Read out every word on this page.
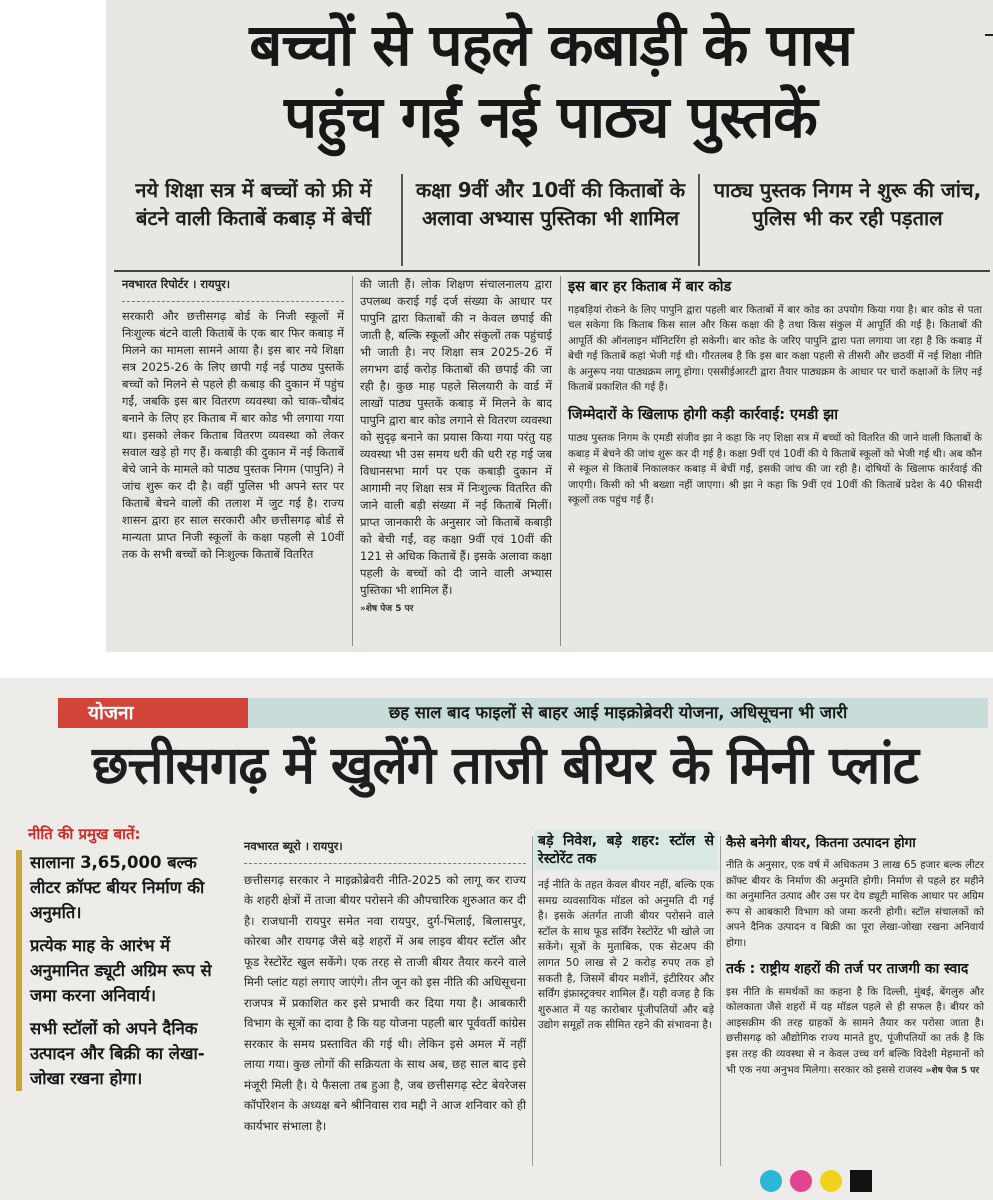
बच्चों से पहले कबाड़ी के पास
पहुंच गईं नई पाठ्य पुस्तकें
नये शिक्षा सत्र में बच्चों को फ्री में बंटने वाली किताबें कबाड़ में बेचीं
कक्षा 9वीं और 10वीं की किताबों के अलावा अभ्यास पुस्तिका भी शामिल
पाठ्य पुस्तक निगम ने शुरू की जांच, पुलिस भी कर रही पड़ताल
नवभारत रिपोर्टर । रायपुर।

सरकारी और छत्तीसगढ़ बोर्ड के निजी स्कूलों में निःशुल्क बंटने वाली किताबें के एक बार फिर कबाड़ में मिलने का मामला सामने आया है। इस बार नये शिक्षा सत्र 2025-26 के लिए छापी गई नई पाठ्य पुस्तकें बच्चों को मिलने से पहले ही कबाड़ की दुकान में पहुंच गईं, जबकि इस बार वितरण व्यवस्था को चाक-चौबंद बनाने के लिए हर किताब में बार कोड भी लगाया गया था। इसको लेकर किताब वितरण व्यवस्था को लेकर सवाल खड़े हो गए हैं। कबाड़ी की दुकान में नई किताबें बेचे जाने के मामले को पाठ्य पुस्तक निगम (पापुनि) ने जांच शुरू कर दी है। वहीं पुलिस भी अपने स्तर पर किताबें बेचने वालों की तलाश में जुट गई है। राज्य शासन द्वारा हर साल सरकारी और छत्तीसगढ़ बोर्ड से मान्यता प्राप्त निजी स्कूलों के कक्षा पहली से 10वीं तक के सभी बच्चों को निःशुल्क किताबें वितरित

की जाती हैं। लोक शिक्षण संचालनालय द्वारा उपलब्ध कराई गई दर्ज संख्या के आधार पर पापुनि द्वारा किताबों की न केवल छपाई की जाती है, बल्कि स्कूलों और संकुलों तक पहुंचाई भी जाती है। नए शिक्षा सत्र 2025-26 में लगभग ढाई करोड़ किताबों की छपाई की जा रही है। कुछ माह पहले सिलयारी के वार्ड में लाखों पाठ्य पुस्तकें कबाड़ में मिलने के बाद पापुनि द्वारा बार कोड लगाने से वितरण व्यवस्था को सुदृढ़ बनाने का प्रयास किया गया परंतु यह व्यवस्था भी उस समय धरी की धरी रह गई जब विधानसभा मार्ग पर एक कबाड़ी दुकान में आगामी नए शिक्षा सत्र में निःशुल्क वितरित की जाने वाली बड़ी संख्या में नई किताबें मिलीं। प्राप्त जानकारी के अनुसार जो किताबें कबाड़ी को बेची गईं, वह कक्षा 9वीं एवं 10वीं की 121 से अधिक किताबें हैं। इसके अलावा कक्षा पहली के बच्चों को दी जाने वाली अभ्यास पुस्तिका भी शामिल हैं।

»शेष पेज 5 पर
इस बार हर किताब में बार कोड

गड़बड़ियां रोकने के लिए पापुनि द्वारा पहली बार किताबों में बार कोड का उपयोग किया गया है। बार कोड से पता चल सकेगा कि किताब किस साल और किस कक्षा की है तथा किस संकुल में आपूर्ति की गई है। किताबों की आपूर्ति की ऑनलाइन मॉनिटरिंग हो सकेगी। बार कोड के जरिए पापुनि द्वारा पता लगाया जा रहा है कि कबाड़ में बेची गई किताबें कहां भेजी गई थी। गौरतलब है कि इस बार कक्षा पहली से तीसरी और छठवीं में नई शिक्षा नीति के अनुरूप नया पाठ्यक्रम लागू होगा। एससीईआरटी द्वारा तैयार पाठ्यक्रम के आधार पर चारों कक्षाओं के लिए नई किताबें प्रकाशित की गई हैं।

जिम्मेदारों के खिलाफ होगी कड़ी कार्रवाई: एमडी झा

पाठ्य पुस्तक निगम के एमडी संजीव झा ने कहा कि नए शिक्षा सत्र में बच्चों को वितरित की जाने वाली किताबों के कबाड़ में बेचने की जांच शुरू कर दी गई है। कक्षा 9वीं एवं 10वीं की ये किताबें स्कूलों को भेजी गई थी। अब कौन से स्कूल से किताबें निकालकर कबाड़ में बेचीं गईं, इसकी जांच की जा रही है। दोषियों के खिलाफ कार्रवाई की जाएगी। किसी को भी बख्शा नहीं जाएगा। श्री झा ने कहा कि 9वीं एवं 10वीं की किताबें प्रदेश के 40 फीसदी स्कूलों तक पहुंच गई हैं।

योजना	छह साल बाद फाइलों से बाहर आई माइक्रोब्रेवरी योजना, अधिसूचना भी जारी
छत्तीसगढ़ में खुलेंगे ताजी बीयर के मिनी प्लांट
नीति की प्रमुख बातें:

सालाना 3,65,000 बल्क लीटर क्रॉफ्ट बीयर निर्माण की अनुमति।

प्रत्येक माह के आरंभ में अनुमानित ड्यूटी अग्रिम रूप से जमा करना अनिवार्य।

सभी स्टॉलों को अपने दैनिक उत्पादन और बिक्री का लेखा-जोखा रखना होगा।

नवभारत ब्यूरो । रायपुर।

छत्तीसगढ़ सरकार ने माइक्रोब्रेवरी नीति-2025 को लागू कर राज्य के शहरी क्षेत्रों में ताजा बीयर परोसने की औपचारिक शुरुआत कर दी है। राजधानी रायपुर समेत नवा रायपुर, दुर्ग-भिलाई, बिलासपुर, कोरबा और रायगढ़ जैसे बड़े शहरों में अब लाइव बीयर स्टॉल और फूड रेस्टोरेंट खुल सकेंगे। एक तरह से ताजी बीयर तैयार करने वाले मिनी प्लांट यहां लगाए जाएंगे। तीन जून को इस नीति की अधिसूचना राजपत्र में प्रकाशित कर इसे प्रभावी कर दिया गया है। आबकारी विभाग के सूत्रों का दावा है कि यह योजना पहली बार पूर्ववर्ती कांग्रेस सरकार के समय प्रस्तावित की गई थी। लेकिन इसे अमल में नहीं लाया गया। कुछ लोगों की सक्रियता के साथ अब, छह साल बाद इसे मंजूरी मिली है। ये फैसला तब हुआ है, जब छत्तीसगढ़ स्टेट बेवरेजस कॉर्पोरेशन के अध्यक्ष बने श्रीनिवास राव मद्दी ने आज शनिवार को ही कार्यभार संभाला है।

बड़े निवेश, बड़े शहर: स्टॉल से रेस्टोरेंट तक

नई नीति के तहत केवल बीयर नहीं, बल्कि एक समग्र व्यवसायिक मॉडल को अनुमति दी गई है। इसके अंतर्गत ताजी बीयर परोसने वाले स्टॉल के साथ फूड सर्विंग रेस्टोरेंट भी खोले जा सकेंगे। सूत्रों के मुताबिक, एक सेटअप की लागत 50 लाख से 2 करोड़ रुपए तक हो सकती है, जिसमें बीयर मशीनें, इंटीरियर और सर्विंग इंफ्रास्ट्रक्चर शामिल हैं। यही वजह है कि शुरुआत में यह कारोबार पूंजीपतियों और बड़े उद्योग समूहों तक सीमित रहने की संभावना है।

कैसे बनेगी बीयर, कितना उत्पादन होगा

नीति के अनुसार, एक वर्ष में अधिकतम 3 लाख 65 हजार बल्क लीटर क्रॉफ्ट बीयर के निर्माण की अनुमति होगी। निर्माण से पहले हर महीने का अनुमानित उत्पाद और उस पर देय ड्यूटी मासिक आधार पर अग्रिम रूप से आबकारी विभाग को जमा करनी होगी। स्टॉल संचालकों को अपने दैनिक उत्पादन व बिक्री का पूरा लेखा-जोखा रखना अनिवार्य होगा।

तर्क : राष्ट्रीय शहरों की तर्ज पर ताजगी का स्वाद

इस नीति के समर्थकों का कहना है कि दिल्ली, मुंबई, बेंगलुरु और कोलकाता जैसे शहरों में यह मॉडल पहले से ही सफल है। बीयर को आइसक्रीम की तरह ग्राहकों के सामने तैयार कर परोसा जाता है। छत्तीसगढ़ को औद्योगिक राज्य मानते हुए, पूंजीपतियों का तर्क है कि इस तरह की व्यवस्था से न केवल उच्च वर्ग बल्कि विदेशी मेहमानों को भी एक नया अनुभव मिलेगा। सरकार को इससे राजस्व »शेष पेज 5 पर
